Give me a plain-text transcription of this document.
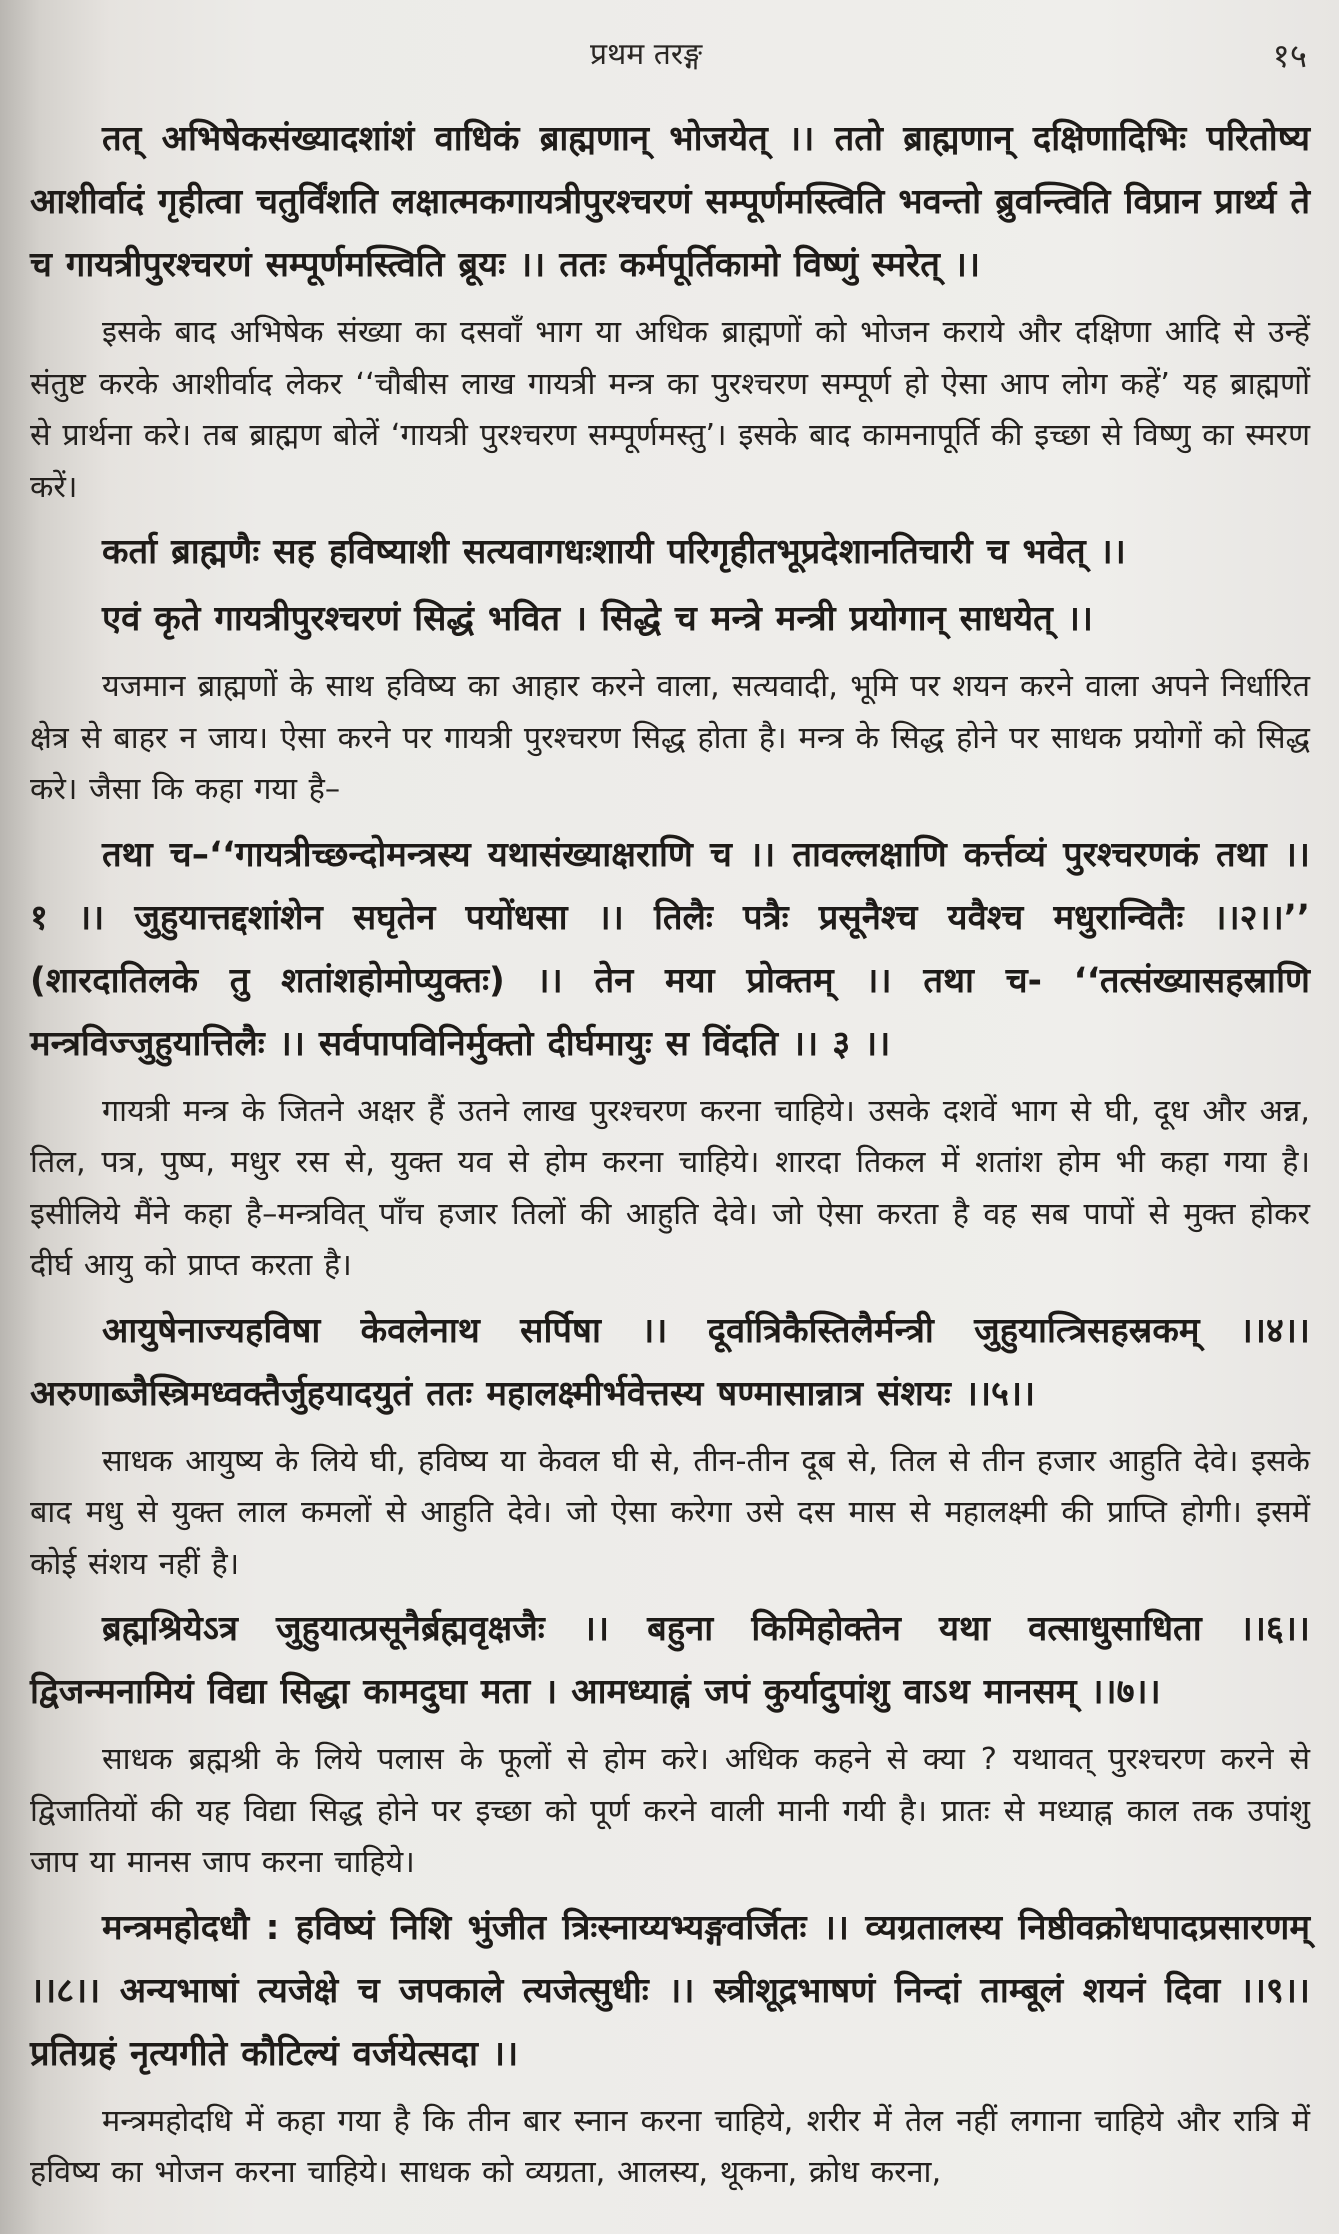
प्रथम तरङ्ग	१५

तत् अभिषेकसंख्यादशांशं वाधिकं ब्राह्मणान् भोजयेत् ।। ततो ब्राह्मणान् दक्षिणादिभिः परितोष्य आशीर्वादं गृहीत्वा चतुर्विंशति लक्षात्मकगायत्रीपुरश्चरणं सम्पूर्णमस्त्विति भवन्तो ब्रुवन्त्विति विप्रान प्रार्थ्य ते च गायत्रीपुरश्चरणं सम्पूर्णमस्त्विति ब्रूयः ।। ततः कर्मपूर्तिकामो विष्णुं स्मरेत् ।।

इसके बाद अभिषेक संख्या का दसवाँ भाग या अधिक ब्राह्मणों को भोजन कराये और दक्षिणा आदि से उन्हें संतुष्ट करके आशीर्वाद लेकर ‘‘चौबीस लाख गायत्री मन्त्र का पुरश्चरण सम्पूर्ण हो ऐसा आप लोग कहें’ यह ब्राह्मणों से प्रार्थना करे। तब ब्राह्मण बोलें ‘गायत्री पुरश्चरण सम्पूर्णमस्तु’। इसके बाद कामनापूर्ति की इच्छा से विष्णु का स्मरण करें।

कर्ता ब्राह्मणैः सह हविष्याशी सत्यवागधःशायी परिगृहीतभूप्रदेशानतिचारी च भवेत् ।।

एवं कृते गायत्रीपुरश्चरणं सिद्धं भवित । सिद्धे च मन्त्रे मन्त्री प्रयोगान् साधयेत् ।।

यजमान ब्राह्मणों के साथ हविष्य का आहार करने वाला, सत्यवादी, भूमि पर शयन करने वाला अपने निर्धारित क्षेत्र से बाहर न जाय। ऐसा करने पर गायत्री पुरश्चरण सिद्ध होता है। मन्त्र के सिद्ध होने पर साधक प्रयोगों को सिद्ध करे। जैसा कि कहा गया है–

तथा च–‘‘गायत्रीच्छन्दोमन्त्रस्य यथासंख्याक्षराणि च ।। तावल्लक्षाणि कर्त्तव्यं पुरश्चरणकं तथा ।। १ ।। जुहुयात्तद्दशांशेन सघृतेन पयोंधसा ।। तिलैः पत्रैः प्रसूनैश्च यवैश्च मधुरान्वितैः ।।२।।’’ (शारदातिलके तु शतांशहोमोप्युक्तः) ।। तेन मया प्रोक्तम् ।। तथा च- ‘‘तत्संख्यासहस्राणि मन्त्रविज्जुहुयात्तिलैः ।। सर्वपापविनिर्मुक्तो दीर्घमायुः स विंदति ।। ३ ।।

गायत्री मन्त्र के जितने अक्षर हैं उतने लाख पुरश्चरण करना चाहिये। उसके दशवें भाग से घी, दूध और अन्न, तिल, पत्र, पुष्प, मधुर रस से, युक्त यव से होम करना चाहिये। शारदा तिकल में शतांश होम भी कहा गया है। इसीलिये मैंने कहा है–मन्त्रवित् पाँच हजार तिलों की आहुति देवे। जो ऐसा करता है वह सब पापों से मुक्त होकर दीर्घ आयु को प्राप्त करता है।

आयुषेनाज्यहविषा केवलेनाथ सर्पिषा ।। दूर्वात्रिकैस्तिलैर्मन्त्री जुहुयात्त्रिसहस्रकम् ।।४।। अरुणाब्जैस्त्रिमध्वक्तैर्जुहयादयुतं ततः महालक्ष्मीर्भवेत्तस्य षण्मासान्नात्र संशयः ।।५।।

साधक आयुष्य के लिये घी, हविष्य या केवल घी से, तीन-तीन दूब से, तिल से तीन हजार आहुति देवे। इसके बाद मधु से युक्त लाल कमलों से आहुति देवे। जो ऐसा करेगा उसे दस मास से महालक्ष्मी की प्राप्ति होगी। इसमें कोई संशय नहीं है।

ब्रह्मश्रियेऽत्र जुहुयात्प्रसूनैर्ब्रह्मवृक्षजैः ।। बहुना किमिहोक्तेन यथा वत्साधुसाधिता ।।६।। द्विजन्मनामियं विद्या सिद्धा कामदुघा मता । आमध्याह्नं जपं कुर्यादुपांशु वाऽथ मानसम् ।।७।।

साधक ब्रह्मश्री के लिये पलास के फूलों से होम करे। अधिक कहने से क्या ? यथावत् पुरश्चरण करने से द्विजातियों की यह विद्या सिद्ध होने पर इच्छा को पूर्ण करने वाली मानी गयी है। प्रातः से मध्याह्न काल तक उपांशु जाप या मानस जाप करना चाहिये।

मन्त्रमहोदधौ : हविष्यं निशि भुंजीत त्रिःस्नाय्यभ्यङ्गवर्जितः ।। व्यग्रतालस्य निष्ठीवक्रोधपादप्रसारणम् ।।८।। अन्यभाषां त्यजेक्षे च जपकाले त्यजेत्सुधीः ।। स्त्रीशूद्रभाषणं निन्दां ताम्बूलं शयनं दिवा ।।९।। प्रतिग्रहं नृत्यगीते कौटिल्यं वर्जयेत्सदा ।।

मन्त्रमहोदधि में कहा गया है कि तीन बार स्नान करना चाहिये, शरीर में तेल नहीं लगाना चाहिये और रात्रि में हविष्य का भोजन करना चाहिये। साधक को व्यग्रता, आलस्य, थूकना, क्रोध करना,
